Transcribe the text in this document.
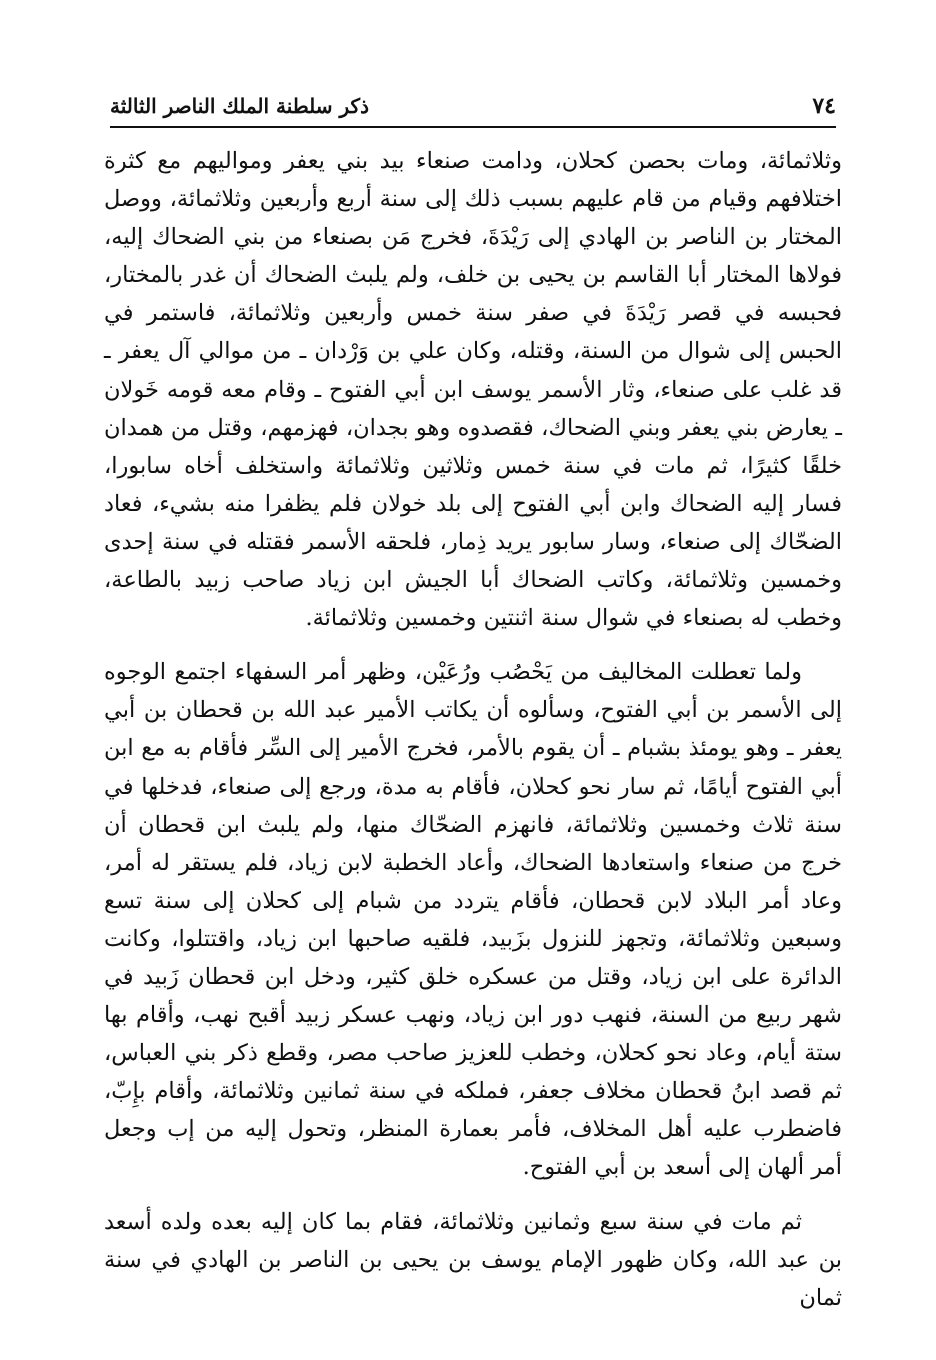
٧٤
ذكر سلطنة الملك الناصر الثالثة

وثلاثمائة، ومات بحصن كحلان، ودامت صنعاء بيد بني يعفر ومواليهم مع كثرة اختلافهم وقيام من قام عليهم بسبب ذلك إلى سنة أربع وأربعين وثلاثمائة، ووصل المختار بن الناصر بن الهادي إلى رَيْدَةَ، فخرج مَن بصنعاء من بني الضحاك إليه، فولاها المختار أبا القاسم بن يحيى بن خلف، ولم يلبث الضحاك أن غدر بالمختار، فحبسه في قصر رَيْدَةَ في صفر سنة خمس وأربعين وثلاثمائة، فاستمر في الحبس إلى شوال من السنة، وقتله، وكان علي بن وَرْدان ـ من موالي آل يعفر ـ قد غلب على صنعاء، وثار الأسمر يوسف ابن أبي الفتوح ـ وقام معه قومه خَولان ـ يعارض بني يعفر وبني الضحاك، فقصدوه وهو بجدان، فهزمهم، وقتل من همدان خلقًا كثيرًا، ثم مات في سنة خمس وثلاثين وثلاثمائة واستخلف أخاه سابورا، فسار إليه الضحاك وابن أبي الفتوح إلى بلد خولان فلم يظفرا منه بشيء، فعاد الضحّاك إلى صنعاء، وسار سابور يريد ذِمار، فلحقه الأسمر فقتله في سنة إحدى وخمسين وثلاثمائة، وكاتب الضحاك أبا الجيش ابن زياد صاحب زبيد بالطاعة، وخطب له بصنعاء في شوال سنة اثنتين وخمسين وثلاثمائة.

ولما تعطلت المخاليف من يَحْصُب ورُعَيْن، وظهر أمر السفهاء اجتمع الوجوه إلى الأسمر بن أبي الفتوح، وسألوه أن يكاتب الأمير عبد الله بن قحطان بن أبي يعفر ـ وهو يومئذ بشبام ـ أن يقوم بالأمر، فخرج الأمير إلى السِّر فأقام به مع ابن أبي الفتوح أيامًا، ثم سار نحو كحلان، فأقام به مدة، ورجع إلى صنعاء، فدخلها في سنة ثلاث وخمسين وثلاثمائة، فانهزم الضحّاك منها، ولم يلبث ابن قحطان أن خرج من صنعاء واستعادها الضحاك، وأعاد الخطبة لابن زياد، فلم يستقر له أمر، وعاد أمر البلاد لابن قحطان، فأقام يتردد من شبام إلى كحلان إلى سنة تسع وسبعين وثلاثمائة، وتجهز للنزول بزَبيد، فلقيه صاحبها ابن زياد، واقتتلوا، وكانت الدائرة على ابن زياد، وقتل من عسكره خلق كثير، ودخل ابن قحطان زَبيد في شهر ربيع من السنة، فنهب دور ابن زياد، ونهب عسكر زبيد أقبح نهب، وأقام بها ستة أيام، وعاد نحو كحلان، وخطب للعزيز صاحب مصر، وقطع ذكر بني العباس، ثم قصد ابنُ قحطان مخلاف جعفر، فملكه في سنة ثمانين وثلاثمائة، وأقام بإِبّ، فاضطرب عليه أهل المخلاف، فأمر بعمارة المنظر، وتحول إليه من إب وجعل أمر ألهان إلى أسعد بن أبي الفتوح.

ثم مات في سنة سبع وثمانين وثلاثمائة، فقام بما كان إليه بعده ولده أسعد بن عبد الله، وكان ظهور الإمام يوسف بن يحيى بن الناصر بن الهادي في سنة ثمان
